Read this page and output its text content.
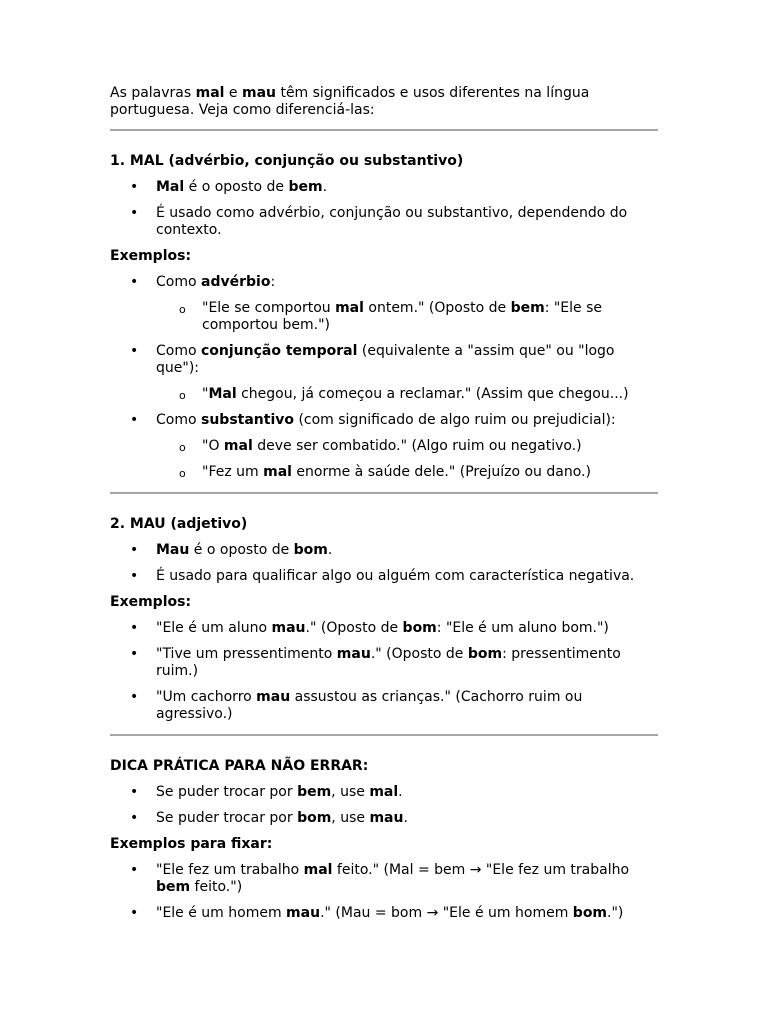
As palavras mal e mau têm significados e usos diferentes na língua portuguesa. Veja como diferenciá-las:

1. MAL (advérbio, conjunção ou substantivo)

• Mal é o oposto de bem.
• É usado como advérbio, conjunção ou substantivo, dependendo do contexto.

Exemplos:

• Como advérbio:
o "Ele se comportou mal ontem." (Oposto de bem: "Ele se comportou bem.")
• Como conjunção temporal (equivalente a "assim que" ou "logo que"):
o "Mal chegou, já começou a reclamar." (Assim que chegou...)
• Como substantivo (com significado de algo ruim ou prejudicial):
o "O mal deve ser combatido." (Algo ruim ou negativo.)
o "Fez um mal enorme à saúde dele." (Prejuízo ou dano.)

2. MAU (adjetivo)

• Mau é o oposto de bom.
• É usado para qualificar algo ou alguém com característica negativa.

Exemplos:

• "Ele é um aluno mau." (Oposto de bom: "Ele é um aluno bom.")
• "Tive um pressentimento mau." (Oposto de bom: pressentimento ruim.)
• "Um cachorro mau assustou as crianças." (Cachorro ruim ou agressivo.)

DICA PRÁTICA PARA NÃO ERRAR:

• Se puder trocar por bem, use mal.
• Se puder trocar por bom, use mau.

Exemplos para fixar:

• "Ele fez um trabalho mal feito." (Mal = bem → "Ele fez um trabalho bem feito.")
• "Ele é um homem mau." (Mau = bom → "Ele é um homem bom.")
